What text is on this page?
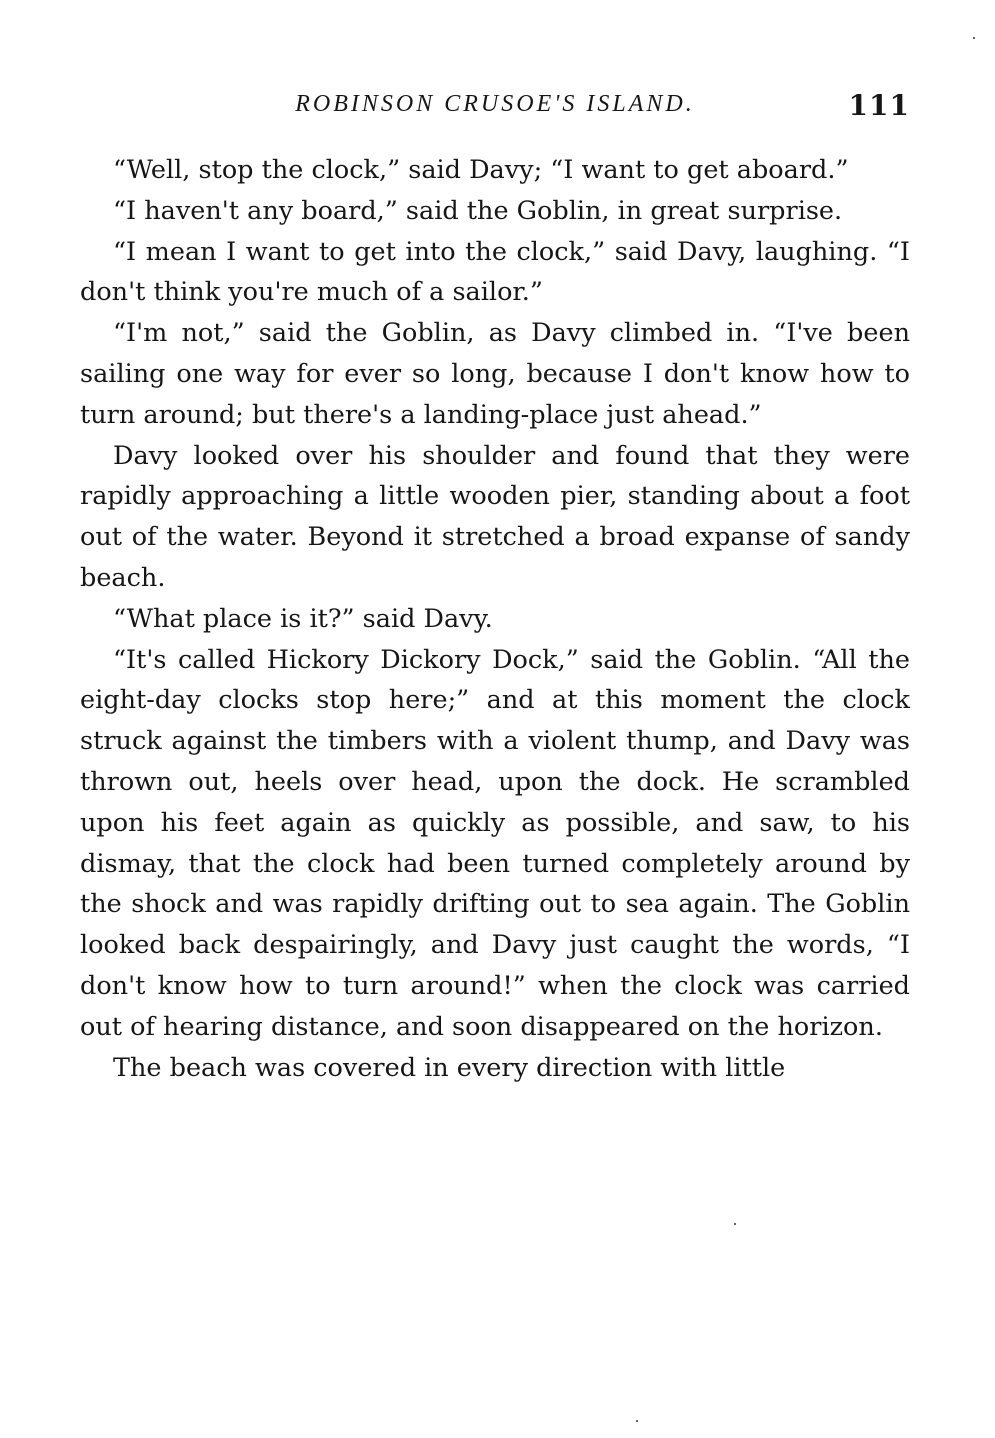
ROBINSON CRUSOE'S ISLAND.	111

“Well, stop the clock,” said Davy; “I want to get aboard.”

“I haven't any board,” said the Goblin, in great surprise.

“I mean I want to get into the clock,” said Davy, laughing. “I don't think you're much of a sailor.”

“I'm not,” said the Goblin, as Davy climbed in. “I've been sailing one way for ever so long, because I don't know how to turn around; but there's a landing-place just ahead.”

Davy looked over his shoulder and found that they were rapidly approaching a little wooden pier, standing about a foot out of the water. Beyond it stretched a broad expanse of sandy beach.

“What place is it?” said Davy.

“It's called Hickory Dickory Dock,” said the Goblin. “All the eight-day clocks stop here;” and at this moment the clock struck against the timbers with a violent thump, and Davy was thrown out, heels over head, upon the dock. He scrambled upon his feet again as quickly as possible, and saw, to his dismay, that the clock had been turned completely around by the shock and was rapidly drifting out to sea again. The Goblin looked back despairingly, and Davy just caught the words, “I don't know how to turn around!” when the clock was carried out of hearing distance, and soon disappeared on the horizon.

The beach was covered in every direction with little
